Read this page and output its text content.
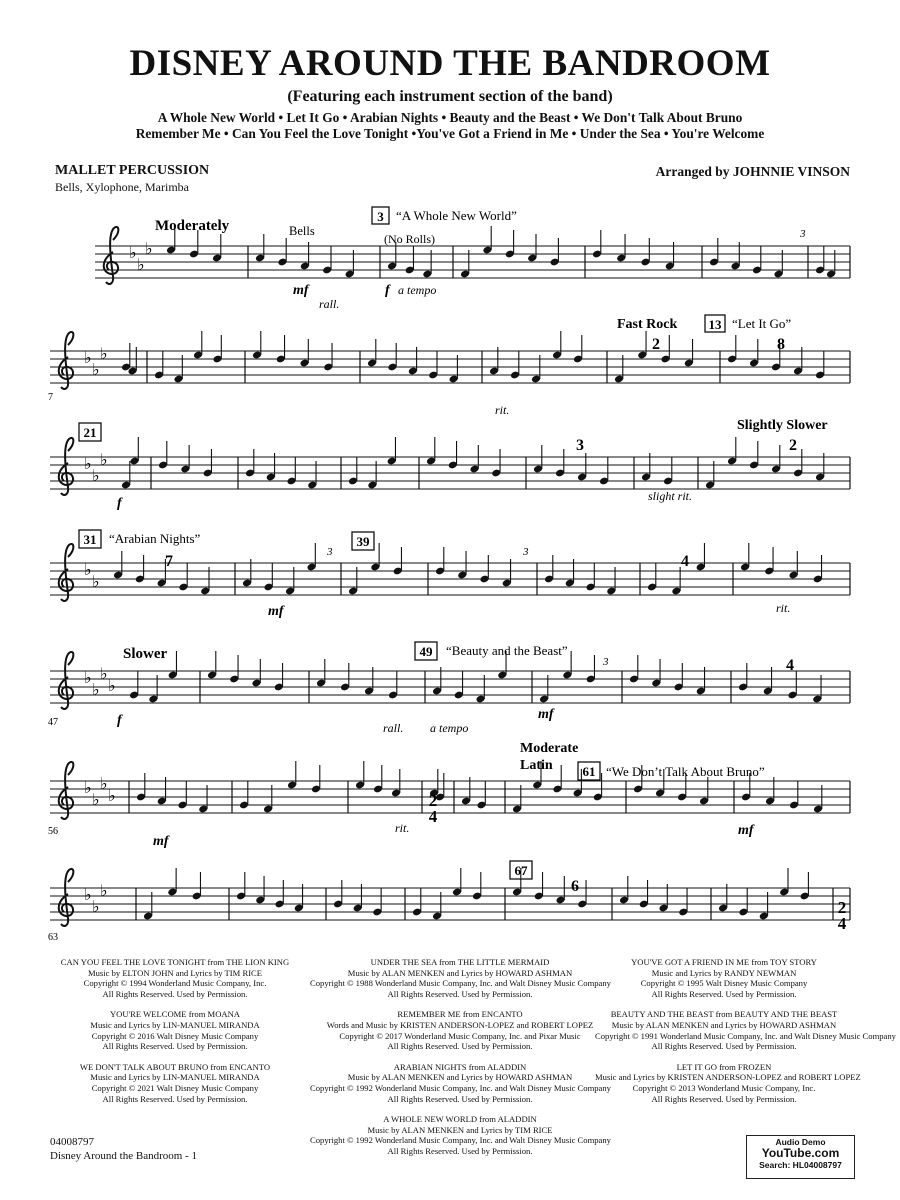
DISNEY AROUND THE BANDROOM
(Featuring each instrument section of the band)
A Whole New World • Let It Go • Arabian Nights • Beauty and the Beast • We Don't Talk About Bruno
Remember Me • Can You Feel the Love Tonight •You've Got a Friend in Me • Under the Sea • You're Welcome
MALLET PERCUSSION
Bells, Xylophone, Marimba
Arranged by JOHNNIE VINSON
♭
♭
♭
♭
♭
♭
♭
♭
♭
♭
♭
♭
♭
♭
♭
♭
♭
♭
♭
♭
♭
♭
Moderately	Bells
3 “A Whole New World”
(No Rolls)
mf	f a tempo
rall.
3
7
Fast Rock
2
13 “Let It Go”
8
rit.
21	Slightly Slower
3	2
f	slight rit.
31 “Arabian Nights”
7
39
3	3
4
mf	rit.
Slower
47
49 “Beauty and the Beast”
3	4
f	rall. a tempo
mf
Moderate
Latin 61 “We Don’t Talk About Bruno”
56
mf
rit.	mf
2
4
67
6
63
2
4
CAN YOU FEEL THE LOVE TONIGHT from THE LION KING
Music by ELTON JOHN and Lyrics by TIM RICE
Copyright © 1994 Wonderland Music Company, Inc.
All Rights Reserved. Used by Permission.
YOU'RE WELCOME from MOANA
Music and Lyrics by LIN-MANUEL MIRANDA
Copyright © 2016 Walt Disney Music Company
All Rights Reserved. Used by Permission.
WE DON'T TALK ABOUT BRUNO from ENCANTO
Music and Lyrics by LIN-MANUEL MIRANDA
Copyright © 2021 Walt Disney Music Company
All Rights Reserved. Used by Permission.
UNDER THE SEA from THE LITTLE MERMAID
Music by ALAN MENKEN and Lyrics by HOWARD ASHMAN
Copyright © 1988 Wonderland Music Company, Inc. and Walt Disney Music Company
All Rights Reserved. Used by Permission.
REMEMBER ME from ENCANTO
Words and Music by KRISTEN ANDERSON-LOPEZ and ROBERT LOPEZ
Copyright © 2017 Wonderland Music Company, Inc. and Pixar Music
All Rights Reserved. Used by Permission.
ARABIAN NIGHTS from ALADDIN
Music by ALAN MENKEN and Lyrics by HOWARD ASHMAN
Copyright © 1992 Wonderland Music Company, Inc. and Walt Disney Music Company
All Rights Reserved. Used by Permission.
A WHOLE NEW WORLD from ALADDIN
Music by ALAN MENKEN and Lyrics by TIM RICE
Copyright © 1992 Wonderland Music Company, Inc. and Walt Disney Music Company
All Rights Reserved. Used by Permission.
YOU'VE GOT A FRIEND IN ME from TOY STORY
Music and Lyrics by RANDY NEWMAN
Copyright © 1995 Walt Disney Music Company
All Rights Reserved. Used by Permission.
BEAUTY AND THE BEAST from BEAUTY AND THE BEAST
Music by ALAN MENKEN and Lyrics by HOWARD ASHMAN
Copyright © 1991 Wonderland Music Company, Inc. and Walt Disney Music Company
All Rights Reserved. Used by Permission.
LET IT GO from FROZEN
Music and Lyrics by KRISTEN ANDERSON-LOPEZ and ROBERT LOPEZ
Copyright © 2013 Wonderland Music Company, Inc.
All Rights Reserved. Used by Permission.
04008797
Disney Around the Bandroom - 1
Audio Demo
YouTube.com
Search: HL04008797
